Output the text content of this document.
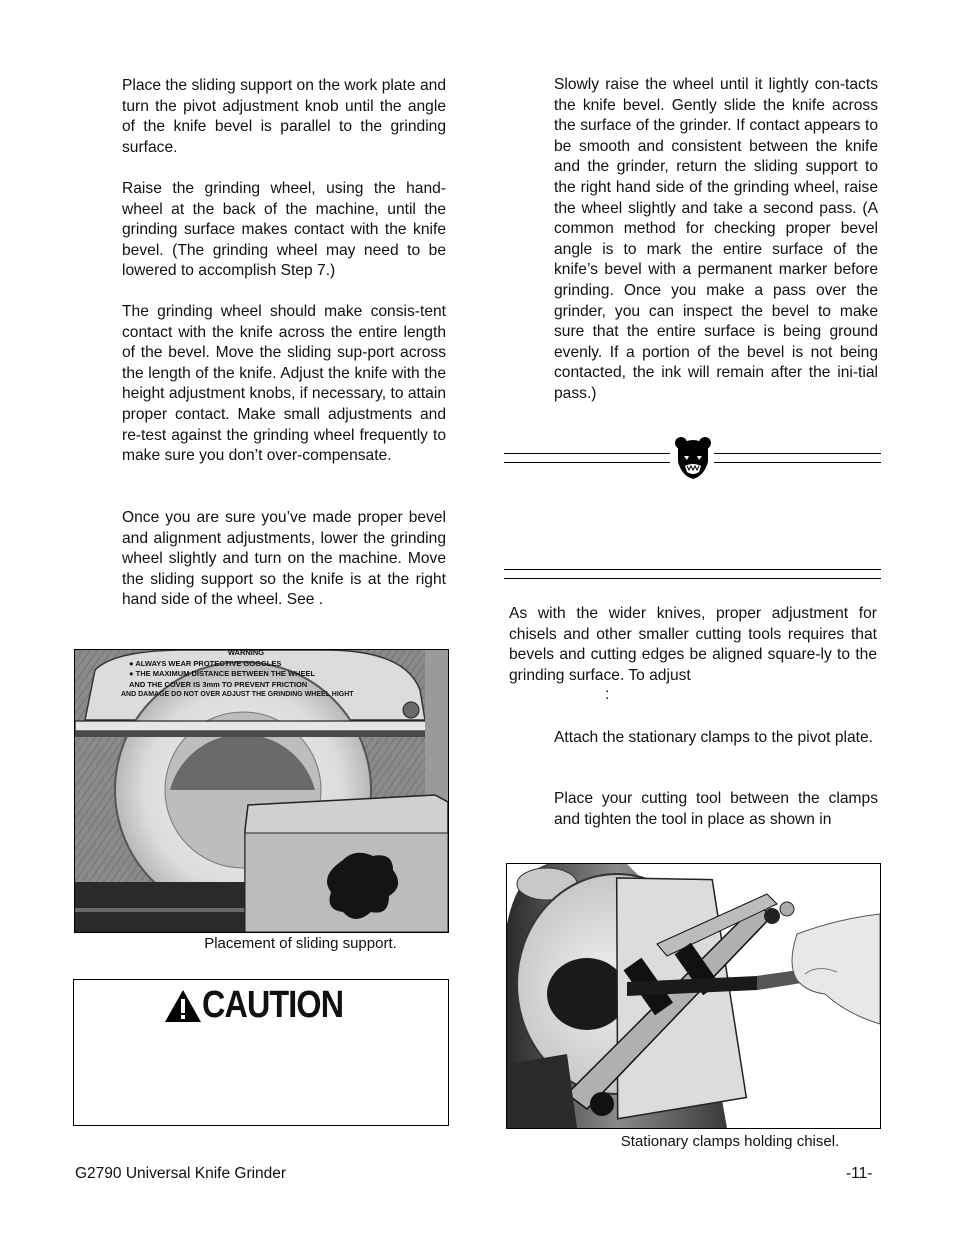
Place the sliding support on the work plate and turn the pivot adjustment knob until the angle of the knife bevel is parallel to the grinding surface.

Raise the grinding wheel, using the hand-wheel at the back of the machine, until the grinding surface makes contact with the knife bevel. (The grinding wheel may need to be lowered to accomplish Step 7.)

The grinding wheel should make consis-tent contact with the knife across the entire length of the bevel. Move the sliding sup-port across the length of the knife. Adjust the knife with the height adjustment knobs, if necessary, to attain proper contact. Make small adjustments and re-test against the grinding wheel frequently to make sure you don’t over-compensate.

Once you are sure you’ve made proper bevel and alignment adjustments, lower the grinding wheel slightly and turn on the machine. Move the sliding support so the knife is at the right hand side of the wheel. See .

WARNING
● ALWAYS WEAR PROTECTIVE GOGGLES
● THE MAXIMUM DISTANCE BETWEEN THE WHEEL
AND THE COVER IS 3mm TO PREVENT FRICTION
AND DAMAGE DO NOT OVER ADJUST THE GRINDING WHEEL HIGHT
Placement of sliding support.
CAUTION

Slowly raise the wheel until it lightly con-tacts the knife bevel. Gently slide the knife across the surface of the grinder. If contact appears to be smooth and consistent between the knife and the grinder, return the sliding support to the right hand side of the grinding wheel, raise the wheel slightly and take a second pass. (A common method for checking proper bevel angle is to mark the entire surface of the knife’s bevel with a permanent marker before grinding. Once you make a pass over the grinder, you can inspect the bevel to make sure that the entire surface is being ground evenly. If a portion of the bevel is not being contacted, the ink will remain after the ini-tial pass.)

As with the wider knives, proper adjustment for chisels and other smaller cutting tools requires that bevels and cutting edges be aligned square-ly to the grinding surface. To adjust

:

Attach the stationary clamps to the pivot plate.

Place your cutting tool between the clamps and tighten the tool in place as shown in

Stationary clamps holding chisel.
G2790 Universal Knife Grinder	-11-
